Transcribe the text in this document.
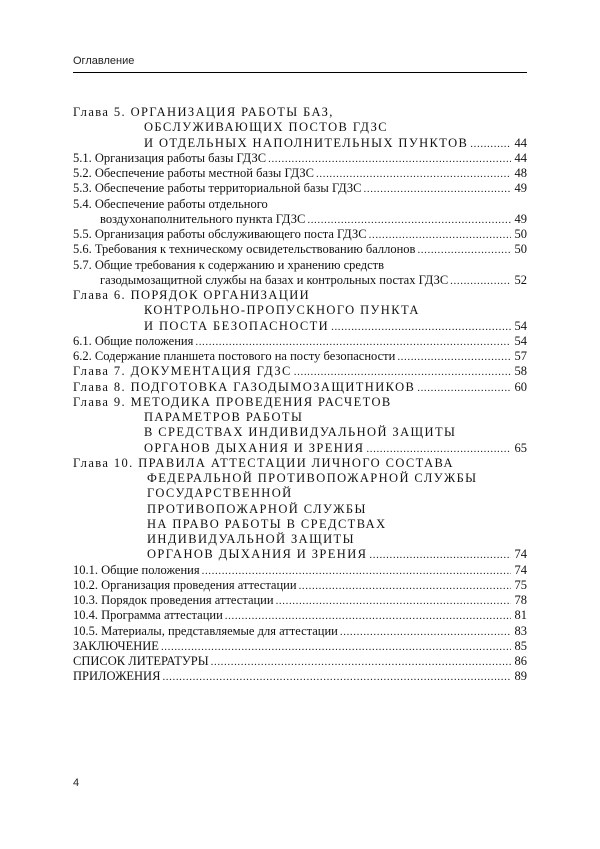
Оглавление
Глава 5. ОРГАНИЗАЦИЯ РАБОТЫ БАЗ,
ОБСЛУЖИВАЮЩИХ ПОСТОВ ГДЗС
И ОТДЕЛЬНЫХ НАПОЛНИТЕЛЬНЫХ ПУНКТОВ .....	44
5.1. Организация работы базы ГДЗС .....	44
5.2. Обеспечение работы местной базы ГДЗС .....	48
5.3. Обеспечение работы территориальной базы ГДЗС .....	49
5.4. Обеспечение работы отдельного
воздухонаполнительного пункта ГДЗС .....	49
5.5. Организация работы обслуживающего поста ГДЗС .....	50
5.6. Требования к техническому освидетельствованию баллонов .....	50
5.7. Общие требования к содержанию и хранению средств
газодымозащитной службы на базах и контрольных постах ГДЗС .....	52
Глава 6. ПОРЯДОК ОРГАНИЗАЦИИ
КОНТРОЛЬНО-ПРОПУСКНОГО ПУНКТА
И ПОСТА БЕЗОПАСНОСТИ .....	54
6.1. Общие положения .....	54
6.2. Содержание планшета постового на посту безопасности .....	57
Глава 7. ДОКУМЕНТАЦИЯ ГДЗС .....	58
Глава 8. ПОДГОТОВКА ГАЗОДЫМОЗАЩИТНИКОВ .....	60
Глава 9. МЕТОДИКА ПРОВЕДЕНИЯ РАСЧЕТОВ
ПАРАМЕТРОВ РАБОТЫ
В СРЕДСТВАХ ИНДИВИДУАЛЬНОЙ ЗАЩИТЫ
ОРГАНОВ ДЫХАНИЯ И ЗРЕНИЯ .....	65
Глава 10. ПРАВИЛА АТТЕСТАЦИИ ЛИЧНОГО СОСТАВА
ФЕДЕРАЛЬНОЙ ПРОТИВОПОЖАРНОЙ СЛУЖБЫ
ГОСУДАРСТВЕННОЙ
ПРОТИВОПОЖАРНОЙ СЛУЖБЫ
НА ПРАВО РАБОТЫ В СРЕДСТВАХ
ИНДИВИДУАЛЬНОЙ ЗАЩИТЫ
ОРГАНОВ ДЫХАНИЯ И ЗРЕНИЯ .....	74
10.1. Общие положения .....	74
10.2. Организация проведения аттестации .....	75
10.3. Порядок проведения аттестации .....	78
10.4. Программа аттестации .....	81
10.5. Материалы, представляемые для аттестации .....	83
ЗАКЛЮЧЕНИЕ .....	85
СПИСОК ЛИТЕРАТУРЫ .....	86
ПРИЛОЖЕНИЯ .....	89
4
